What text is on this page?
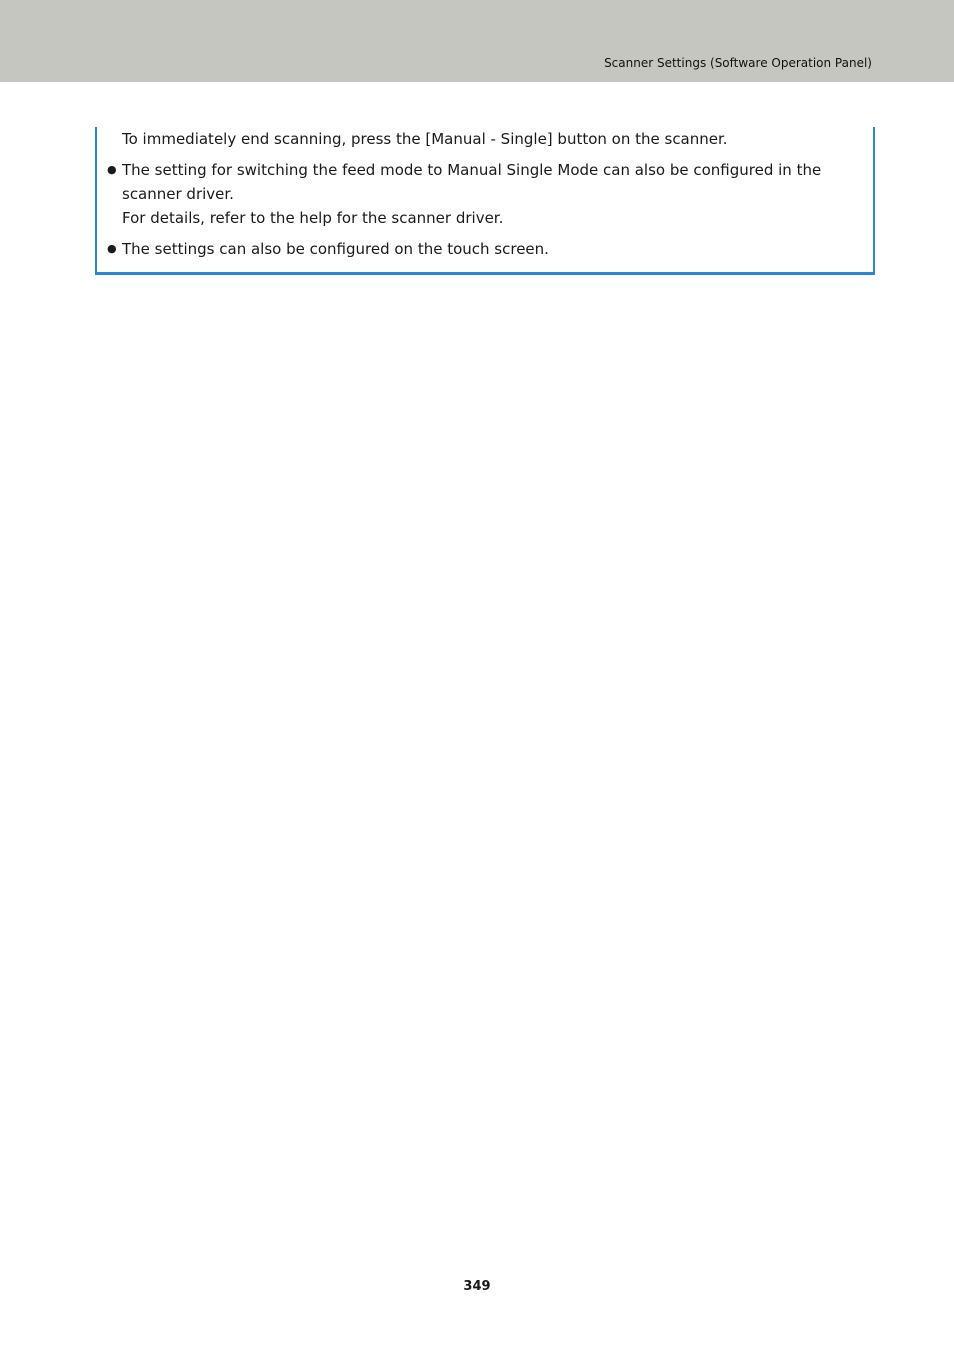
Scanner Settings (Software Operation Panel)

To immediately end scanning, press the [Manual - Single] button on the scanner.

● The setting for switching the feed mode to Manual Single Mode can also be configured in the
scanner driver.
For details, refer to the help for the scanner driver.
● The settings can also be configured on the touch screen.
349
